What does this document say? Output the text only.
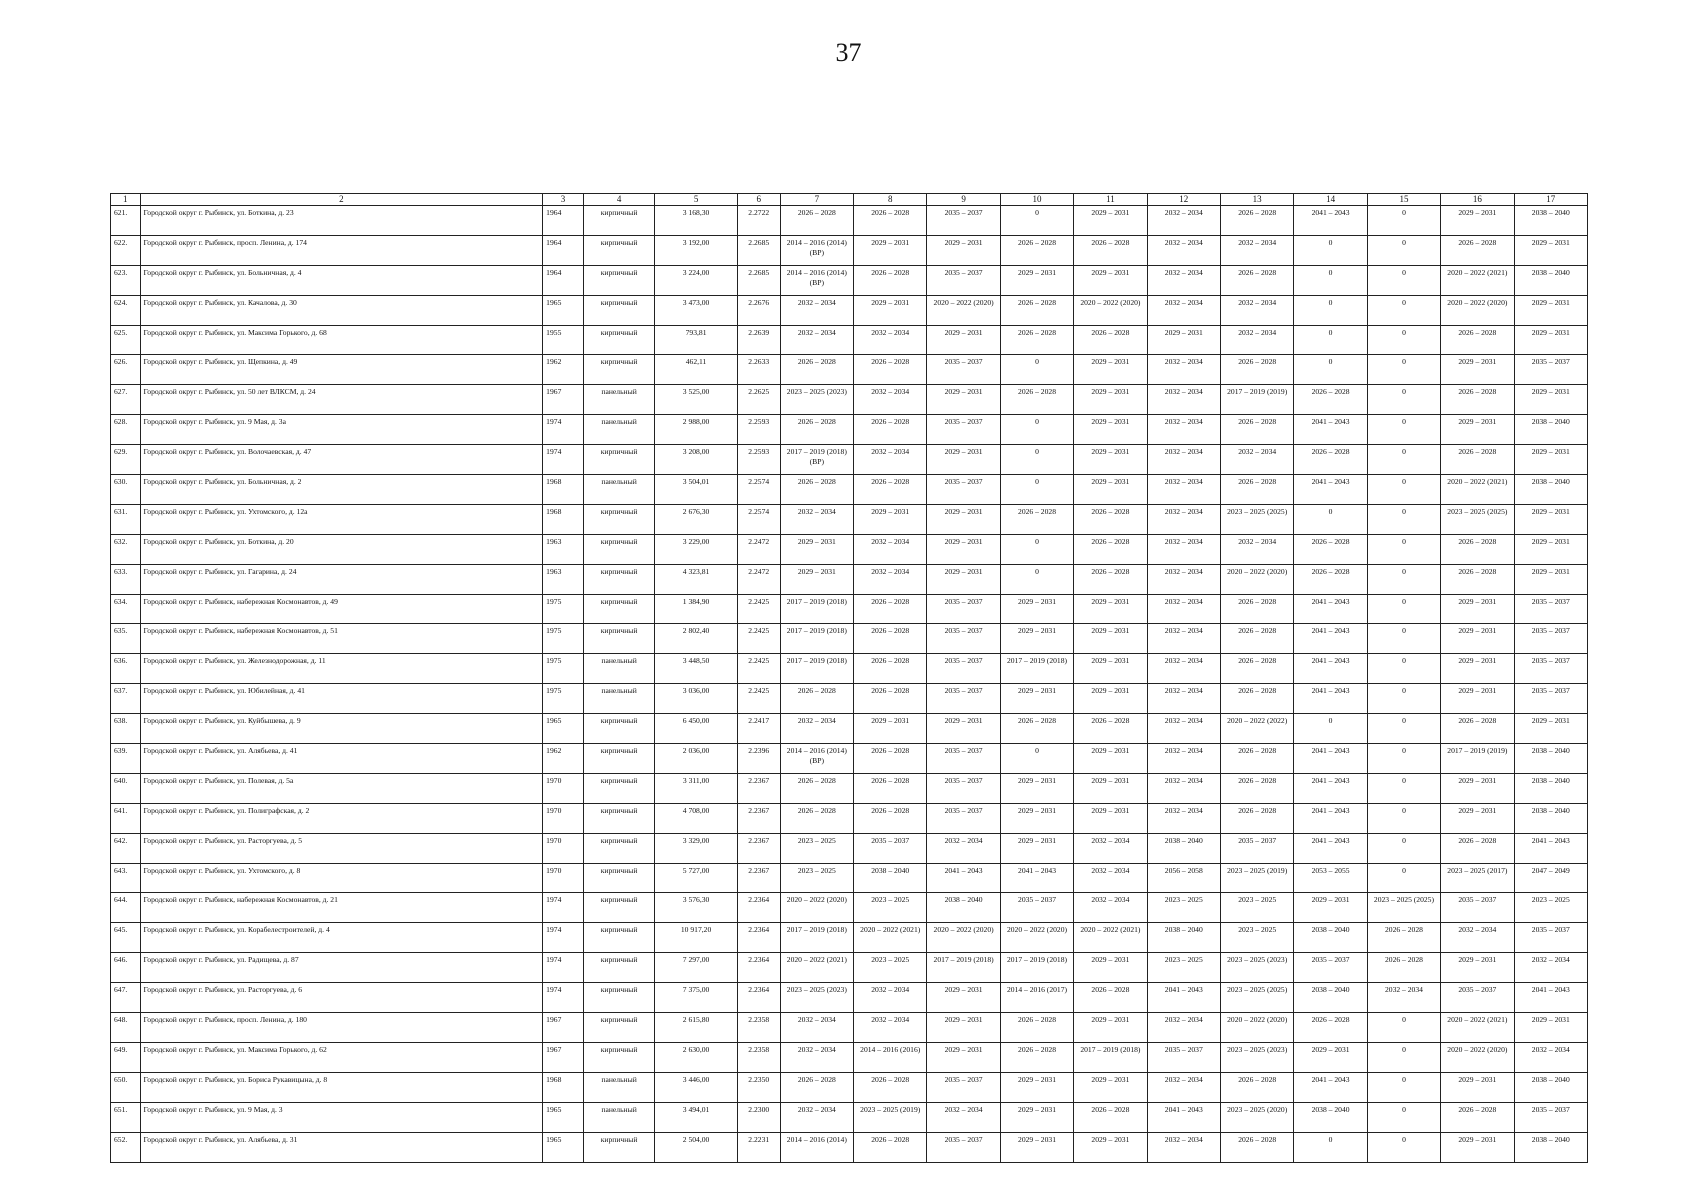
37
1	2	3	4	5	6	7	8	9	10	11	12	13	14	15	16	17
621.	Городской округ г. Рыбинск, ул. Боткина, д. 23	1964	кирпичный	3 168,30	2.2722	2026 – 2028	2026 – 2028	2035 – 2037	0	2029 – 2031	2032 – 2034	2026 – 2028	2041 – 2043	0	2029 – 2031	2038 – 2040
622.	Городской округ г. Рыбинск, просп. Ленина, д. 174	1964	кирпичный	3 192,00	2.2685	2014 – 2016 (2014) (ВР)	2029 – 2031	2029 – 2031	2026 – 2028	2026 – 2028	2032 – 2034	2032 – 2034	0	0	2026 – 2028	2029 – 2031
623.	Городской округ г. Рыбинск, ул. Больничная, д. 4	1964	кирпичный	3 224,00	2.2685	2014 – 2016 (2014) (ВР)	2026 – 2028	2035 – 2037	2029 – 2031	2029 – 2031	2032 – 2034	2026 – 2028	0	0	2020 – 2022 (2021)	2038 – 2040
624.	Городской округ г. Рыбинск, ул. Качалова, д. 30	1965	кирпичный	3 473,00	2.2676	2032 – 2034	2029 – 2031	2020 – 2022 (2020)	2026 – 2028	2020 – 2022 (2020)	2032 – 2034	2032 – 2034	0	0	2020 – 2022 (2020)	2029 – 2031
625.	Городской округ г. Рыбинск, ул. Максима Горького, д. 68	1955	кирпичный	793,81	2.2639	2032 – 2034	2032 – 2034	2029 – 2031	2026 – 2028	2026 – 2028	2029 – 2031	2032 – 2034	0	0	2026 – 2028	2029 – 2031
626.	Городской округ г. Рыбинск, ул. Щепкина, д. 49	1962	кирпичный	462,11	2.2633	2026 – 2028	2026 – 2028	2035 – 2037	0	2029 – 2031	2032 – 2034	2026 – 2028	0	0	2029 – 2031	2035 – 2037
627.	Городской округ г. Рыбинск, ул. 50 лет ВЛКСМ, д. 24	1967	панельный	3 525,00	2.2625	2023 – 2025 (2023)	2032 – 2034	2029 – 2031	2026 – 2028	2029 – 2031	2032 – 2034	2017 – 2019 (2019)	2026 – 2028	0	2026 – 2028	2029 – 2031
628.	Городской округ г. Рыбинск, ул. 9 Мая, д. 3а	1974	панельный	2 988,00	2.2593	2026 – 2028	2026 – 2028	2035 – 2037	0	2029 – 2031	2032 – 2034	2026 – 2028	2041 – 2043	0	2029 – 2031	2038 – 2040
629.	Городской округ г. Рыбинск, ул. Волочаевская, д. 47	1974	кирпичный	3 208,00	2.2593	2017 – 2019 (2018) (ВР)	2032 – 2034	2029 – 2031	0	2029 – 2031	2032 – 2034	2032 – 2034	2026 – 2028	0	2026 – 2028	2029 – 2031
630.	Городской округ г. Рыбинск, ул. Больничная, д. 2	1968	панельный	3 504,01	2.2574	2026 – 2028	2026 – 2028	2035 – 2037	0	2029 – 2031	2032 – 2034	2026 – 2028	2041 – 2043	0	2020 – 2022 (2021)	2038 – 2040
631.	Городской округ г. Рыбинск, ул. Ухтомского, д. 12а	1968	кирпичный	2 676,30	2.2574	2032 – 2034	2029 – 2031	2029 – 2031	2026 – 2028	2026 – 2028	2032 – 2034	2023 – 2025 (2025)	0	0	2023 – 2025 (2025)	2029 – 2031
632.	Городской округ г. Рыбинск, ул. Боткина, д. 20	1963	кирпичный	3 229,00	2.2472	2029 – 2031	2032 – 2034	2029 – 2031	0	2026 – 2028	2032 – 2034	2032 – 2034	2026 – 2028	0	2026 – 2028	2029 – 2031
633.	Городской округ г. Рыбинск, ул. Гагарина, д. 24	1963	кирпичный	4 323,81	2.2472	2029 – 2031	2032 – 2034	2029 – 2031	0	2026 – 2028	2032 – 2034	2020 – 2022 (2020)	2026 – 2028	0	2026 – 2028	2029 – 2031
634.	Городской округ г. Рыбинск, набережная Космонавтов, д. 49	1975	кирпичный	1 384,90	2.2425	2017 – 2019 (2018)	2026 – 2028	2035 – 2037	2029 – 2031	2029 – 2031	2032 – 2034	2026 – 2028	2041 – 2043	0	2029 – 2031	2035 – 2037
635.	Городской округ г. Рыбинск, набережная Космонавтов, д. 51	1975	кирпичный	2 802,40	2.2425	2017 – 2019 (2018)	2026 – 2028	2035 – 2037	2029 – 2031	2029 – 2031	2032 – 2034	2026 – 2028	2041 – 2043	0	2029 – 2031	2035 – 2037
636.	Городской округ г. Рыбинск, ул. Железнодорожная, д. 11	1975	панельный	3 448,50	2.2425	2017 – 2019 (2018)	2026 – 2028	2035 – 2037	2017 – 2019 (2018)	2029 – 2031	2032 – 2034	2026 – 2028	2041 – 2043	0	2029 – 2031	2035 – 2037
637.	Городской округ г. Рыбинск, ул. Юбилейная, д. 41	1975	панельный	3 036,00	2.2425	2026 – 2028	2026 – 2028	2035 – 2037	2029 – 2031	2029 – 2031	2032 – 2034	2026 – 2028	2041 – 2043	0	2029 – 2031	2035 – 2037
638.	Городской округ г. Рыбинск, ул. Куйбышева, д. 9	1965	кирпичный	6 450,00	2.2417	2032 – 2034	2029 – 2031	2029 – 2031	2026 – 2028	2026 – 2028	2032 – 2034	2020 – 2022 (2022)	0	0	2026 – 2028	2029 – 2031
639.	Городской округ г. Рыбинск, ул. Алябьева, д. 41	1962	кирпичный	2 036,00	2.2396	2014 – 2016 (2014) (ВР)	2026 – 2028	2035 – 2037	0	2029 – 2031	2032 – 2034	2026 – 2028	2041 – 2043	0	2017 – 2019 (2019)	2038 – 2040
640.	Городской округ г. Рыбинск, ул. Полевая, д. 5а	1970	кирпичный	3 311,00	2.2367	2026 – 2028	2026 – 2028	2035 – 2037	2029 – 2031	2029 – 2031	2032 – 2034	2026 – 2028	2041 – 2043	0	2029 – 2031	2038 – 2040
641.	Городской округ г. Рыбинск, ул. Полиграфская, д. 2	1970	кирпичный	4 708,00	2.2367	2026 – 2028	2026 – 2028	2035 – 2037	2029 – 2031	2029 – 2031	2032 – 2034	2026 – 2028	2041 – 2043	0	2029 – 2031	2038 – 2040
642.	Городской округ г. Рыбинск, ул. Расторгуева, д. 5	1970	кирпичный	3 329,00	2.2367	2023 – 2025	2035 – 2037	2032 – 2034	2029 – 2031	2032 – 2034	2038 – 2040	2035 – 2037	2041 – 2043	0	2026 – 2028	2041 – 2043
643.	Городской округ г. Рыбинск, ул. Ухтомского, д. 8	1970	кирпичный	5 727,00	2.2367	2023 – 2025	2038 – 2040	2041 – 2043	2041 – 2043	2032 – 2034	2056 – 2058	2023 – 2025 (2019)	2053 – 2055	0	2023 – 2025 (2017)	2047 – 2049
644.	Городской округ г. Рыбинск, набережная Космонавтов, д. 21	1974	кирпичный	3 576,30	2.2364	2020 – 2022 (2020)	2023 – 2025	2038 – 2040	2035 – 2037	2032 – 2034	2023 – 2025	2023 – 2025	2029 – 2031	2023 – 2025 (2025)	2035 – 2037	2023 – 2025
645.	Городской округ г. Рыбинск, ул. Корабелестроителей, д. 4	1974	кирпичный	10 917,20	2.2364	2017 – 2019 (2018)	2020 – 2022 (2021)	2020 – 2022 (2020)	2020 – 2022 (2020)	2020 – 2022 (2021)	2038 – 2040	2023 – 2025	2038 – 2040	2026 – 2028	2032 – 2034	2035 – 2037
646.	Городской округ г. Рыбинск, ул. Радищева, д. 87	1974	кирпичный	7 297,00	2.2364	2020 – 2022 (2021)	2023 – 2025	2017 – 2019 (2018)	2017 – 2019 (2018)	2029 – 2031	2023 – 2025	2023 – 2025 (2023)	2035 – 2037	2026 – 2028	2029 – 2031	2032 – 2034
647.	Городской округ г. Рыбинск, ул. Расторгуева, д. 6	1974	кирпичный	7 375,00	2.2364	2023 – 2025 (2023)	2032 – 2034	2029 – 2031	2014 – 2016 (2017)	2026 – 2028	2041 – 2043	2023 – 2025 (2025)	2038 – 2040	2032 – 2034	2035 – 2037	2041 – 2043
648.	Городской округ г. Рыбинск, просп. Ленина, д. 180	1967	кирпичный	2 615,80	2.2358	2032 – 2034	2032 – 2034	2029 – 2031	2026 – 2028	2029 – 2031	2032 – 2034	2020 – 2022 (2020)	2026 – 2028	0	2020 – 2022 (2021)	2029 – 2031
649.	Городской округ г. Рыбинск, ул. Максима Горького, д. 62	1967	кирпичный	2 630,00	2.2358	2032 – 2034	2014 – 2016 (2016)	2029 – 2031	2026 – 2028	2017 – 2019 (2018)	2035 – 2037	2023 – 2025 (2023)	2029 – 2031	0	2020 – 2022 (2020)	2032 – 2034
650.	Городской округ г. Рыбинск, ул. Бориса Рукавицына, д. 8	1968	панельный	3 446,00	2.2350	2026 – 2028	2026 – 2028	2035 – 2037	2029 – 2031	2029 – 2031	2032 – 2034	2026 – 2028	2041 – 2043	0	2029 – 2031	2038 – 2040
651.	Городской округ г. Рыбинск, ул. 9 Мая, д. 3	1965	панельный	3 494,01	2.2300	2032 – 2034	2023 – 2025 (2019)	2032 – 2034	2029 – 2031	2026 – 2028	2041 – 2043	2023 – 2025 (2020)	2038 – 2040	0	2026 – 2028	2035 – 2037
652.	Городской округ г. Рыбинск, ул. Алябьева, д. 31	1965	кирпичный	2 504,00	2.2231	2014 – 2016 (2014)	2026 – 2028	2035 – 2037	2029 – 2031	2029 – 2031	2032 – 2034	2026 – 2028	0	0	2029 – 2031	2038 – 2040
